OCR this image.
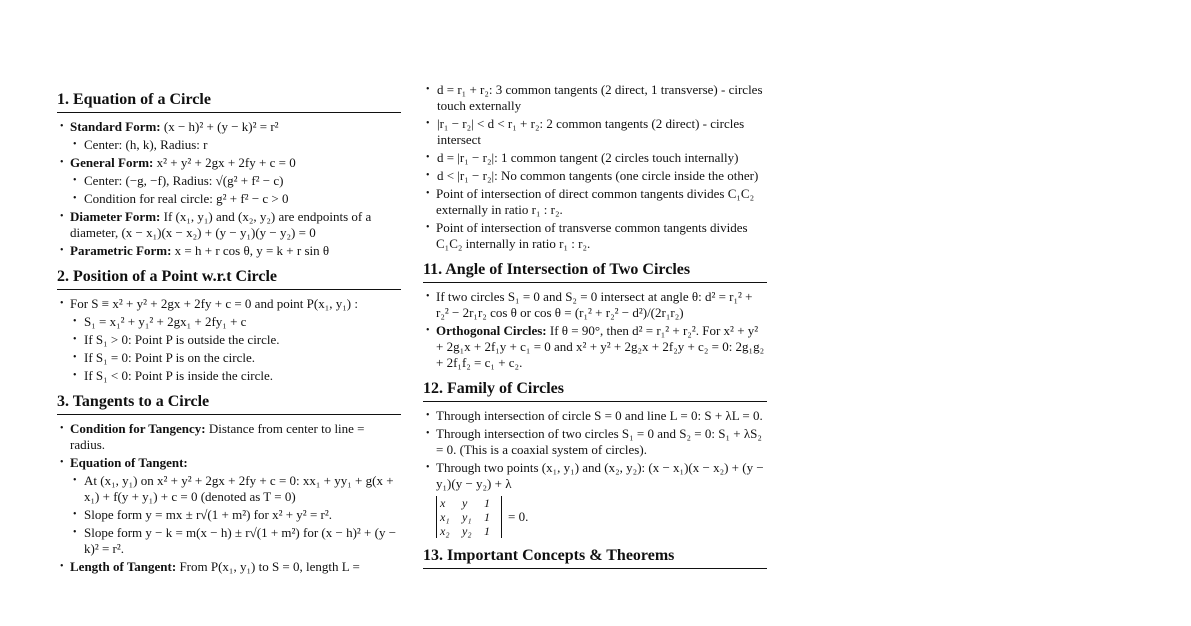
1. Equation of a Circle
• Standard Form: (x − h)² + (y − k)² = r²
• Center: (h, k), Radius: r
• General Form: x² + y² + 2gx + 2fy + c = 0
• Center: (−g, −f), Radius: √(g² + f² − c)
• Condition for real circle: g² + f² − c > 0
• Diameter Form: If (x₁, y₁) and (x₂, y₂) are endpoints of a diameter, (x − x₁)(x − x₂) + (y − y₁)(y − y₂) = 0
• Parametric Form: x = h + r cos θ, y = k + r sin θ
2. Position of a Point w.r.t Circle
• For S ≡ x² + y² + 2gx + 2fy + c = 0 and point P(x₁, y₁) :
• S₁ = x₁² + y₁² + 2gx₁ + 2fy₁ + c
• If S₁ > 0: Point P is outside the circle.
• If S₁ = 0: Point P is on the circle.
• If S₁ < 0: Point P is inside the circle.
3. Tangents to a Circle
• Condition for Tangency: Distance from center to line = radius.
• Equation of Tangent:
• At (x₁, y₁) on x² + y² + 2gx + 2fy + c = 0: xx₁ + yy₁ + g(x + x₁) + f(y + y₁) + c = 0 (denoted as T = 0)
• Slope form y = mx ± r√(1 + m²) for x² + y² = r².
• Slope form y − k = m(x − h) ± r√(1 + m²) for (x − h)² + (y − k)² = r².
• Length of Tangent: From P(x₁, y₁) to S = 0, length L =
• d = r₁ + r₂: 3 common tangents (2 direct, 1 transverse) - circles touch externally
• |r₁ − r₂| < d < r₁ + r₂: 2 common tangents (2 direct) - circles intersect
• d = |r₁ − r₂|: 1 common tangent (2 circles touch internally)
• d < |r₁ − r₂|: No common tangents (one circle inside the other)
• Point of intersection of direct common tangents divides C₁C₂ externally in ratio r₁ : r₂.
• Point of intersection of transverse common tangents divides C₁C₂ internally in ratio r₁ : r₂.
11. Angle of Intersection of Two Circles
• If two circles S₁ = 0 and S₂ = 0 intersect at angle θ: d² = r₁² + r₂² − 2r₁r₂ cos θ or cos θ = (r₁² + r₂² − d²)/(2r₁r₂)
• Orthogonal Circles: If θ = 90°, then d² = r₁² + r₂². For x² + y² + 2g₁x + 2f₁y + c₁ = 0 and x² + y² + 2g₂x + 2f₂y + c₂ = 0: 2g₁g₂ + 2f₁f₂ = c₁ + c₂.
12. Family of Circles
• Through intersection of circle S = 0 and line L = 0: S + λL = 0.
• Through intersection of two circles S₁ = 0 and S₂ = 0: S₁ + λS₂ = 0. (This is a coaxial system of circles).
• Through two points (x₁, y₁) and (x₂, y₂): (x − x₁)(x − x₂) + (y − y₁)(y − y₂) + λ
x	y	1
x₁	y₁	1
x₂	y₂	1
= 0.
13. Important Concepts & Theorems
